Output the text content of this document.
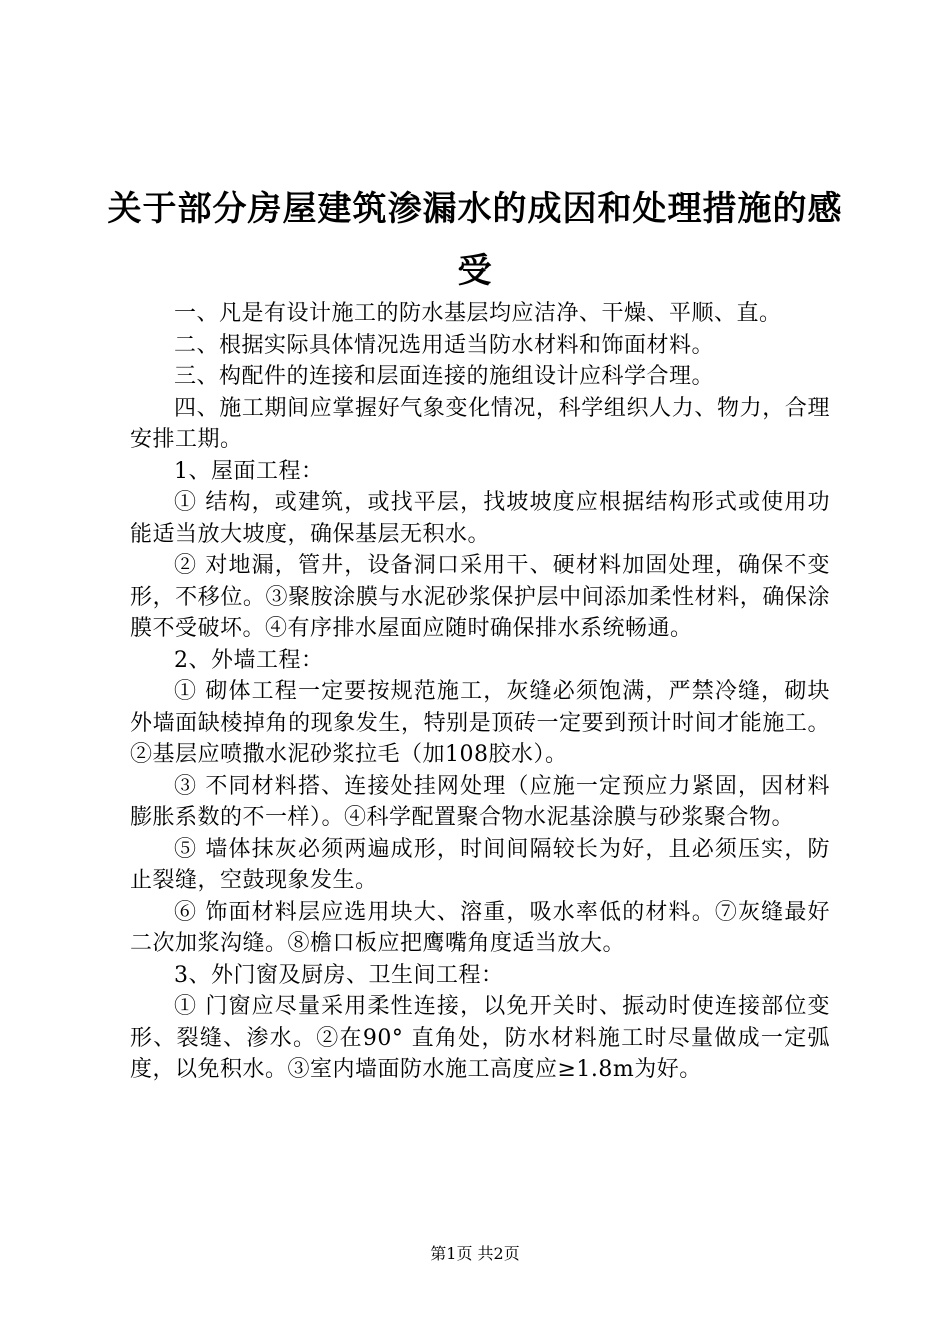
关于部分房屋建筑渗漏水的成因和处理措施的感受

一、凡是有设计施工的防水基层均应洁净、干燥、平顺、直。

二、根据实际具体情况选用适当防水材料和饰面材料。

三、构配件的连接和层面连接的施组设计应科学合理。

四、施工期间应掌握好气象变化情况，科学组织人力、物力，合理安排工期。

1、屋面工程：

① 结构，或建筑，或找平层，找坡坡度应根据结构形式或使用功能适当放大坡度，确保基层无积水。

② 对地漏，管井，设备洞口采用干、硬材料加固处理，确保不变形，不移位。③聚胺涂膜与水泥砂浆保护层中间添加柔性材料，确保涂膜不受破坏。④有序排水屋面应随时确保排水系统畅通。

2、外墙工程：

① 砌体工程一定要按规范施工，灰缝必须饱满，严禁冷缝，砌块外墙面缺棱掉角的现象发生，特别是顶砖一定要到预计时间才能施工。②基层应喷撒水泥砂浆拉毛（加108胶水）。

③ 不同材料搭、连接处挂网处理（应施一定预应力紧固，因材料膨胀系数的不一样）。④科学配置聚合物水泥基涂膜与砂浆聚合物。

⑤ 墙体抹灰必须两遍成形，时间间隔较长为好，且必须压实，防止裂缝，空鼓现象发生。

⑥ 饰面材料层应选用块大、溶重，吸水率低的材料。⑦灰缝最好二次加浆沟缝。⑧檐口板应把鹰嘴角度适当放大。

3、外门窗及厨房、卫生间工程：

① 门窗应尽量采用柔性连接，以免开关时、振动时使连接部位变形、裂缝、渗水。②在90° 直角处，防水材料施工时尽量做成一定弧度，以免积水。③室内墙面防水施工高度应≥1.8m为好。

第1页 共2页
